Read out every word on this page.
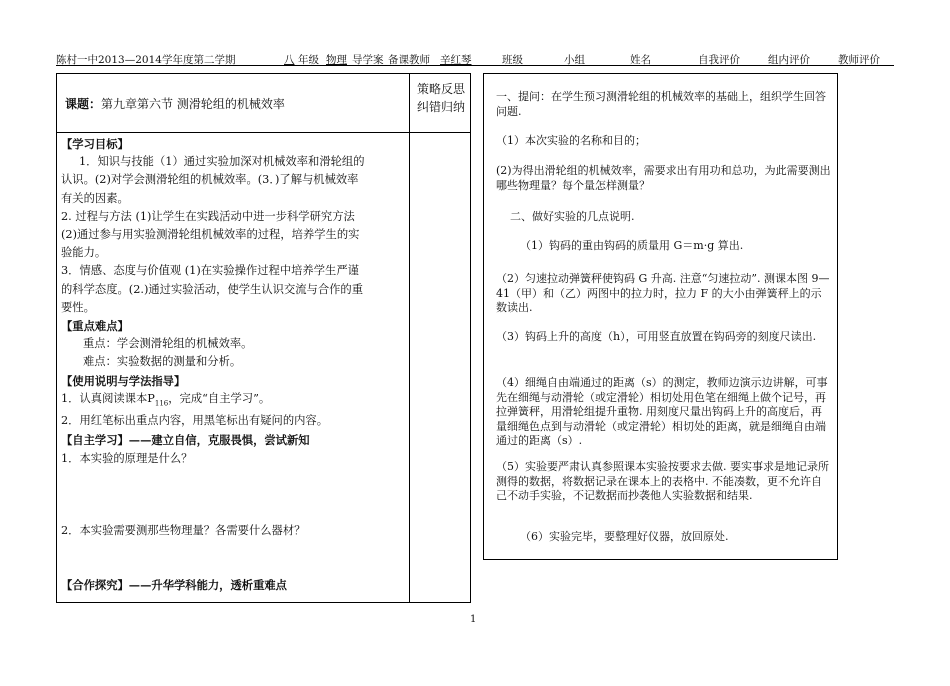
陈村一中2013—2014学年度第二学期	八 年级 物理 导学案 备课教师 辛红琴	班级	小组	姓名	自我评价	组内评价	教师评价
课题：第九章第六节 测滑轮组的机械效率
策略反思纠错归纳

【学习目标】

1．知识与技能（1）通过实验加深对机械效率和滑轮组的

认识。(2)对学会测滑轮组的机械效率。(3．)了解与机械效率

有关的因素。

2. 过程与方法 (1)让学生在实践活动中进一步科学研究方法

(2)通过参与用实验测滑轮组机械效率的过程，培养学生的实

验能力。

3．情感、态度与价值观 (1)在实验操作过程中培养学生严谨

的科学态度。(2.)通过实验活动，使学生认识交流与合作的重

要性。

【重点难点】

重点：学会测滑轮组的机械效率。

难点：实验数据的测量和分析。

【使用说明与学法指导】

1．认真阅读课本$P_{116}$，完成“自主学习”。

2．用红笔标出重点内容，用黑笔标出有疑问的内容。

【自主学习】——建立自信，克服畏惧，尝试新知

1．本实验的原理是什么？

2．本实验需要测那些物理量？各需要什么器材？

【合作探究】——升华学科能力，透析重难点

一、提问：在学生预习测滑轮组的机械效率的基础上，组织学生回答问题.
（1）本次实验的名称和目的；
(2)为得出滑轮组的机械效率，需要求出有用功和总功，为此需要测出哪些物理量？每个量怎样测量？
二、做好实验的几点说明.
（1）钩码的重由钩码的质量用 G＝m·g 算出.
（2）匀速拉动弹簧秤使钩码 G 升高. 注意“匀速拉动”. 测课本图 9—41（甲）和（乙）两图中的拉力时，拉力 F 的大小由弹簧秤上的示数读出.
（3）钩码上升的高度（h），可用竖直放置在钩码旁的刻度尺读出.
（4）细绳自由端通过的距离（s）的测定，教师边演示边讲解，可事先在细绳与动滑轮（或定滑轮）相切处用色笔在细绳上做个记号，再拉弹簧秤，用滑轮组提升重物. 用刻度尺量出钩码上升的高度后，再量细绳色点到与动滑轮（或定滑轮）相切处的距离，就是细绳自由端通过的距离（s）.
（5）实验要严肃认真参照课本实验按要求去做. 要实事求是地记录所测得的数据，将数据记录在课本上的表格中. 不能凑数，更不允许自己不动手实验，不记数据而抄袭他人实验数据和结果.
（6）实验完毕，要整理好仪器，放回原处.
1
